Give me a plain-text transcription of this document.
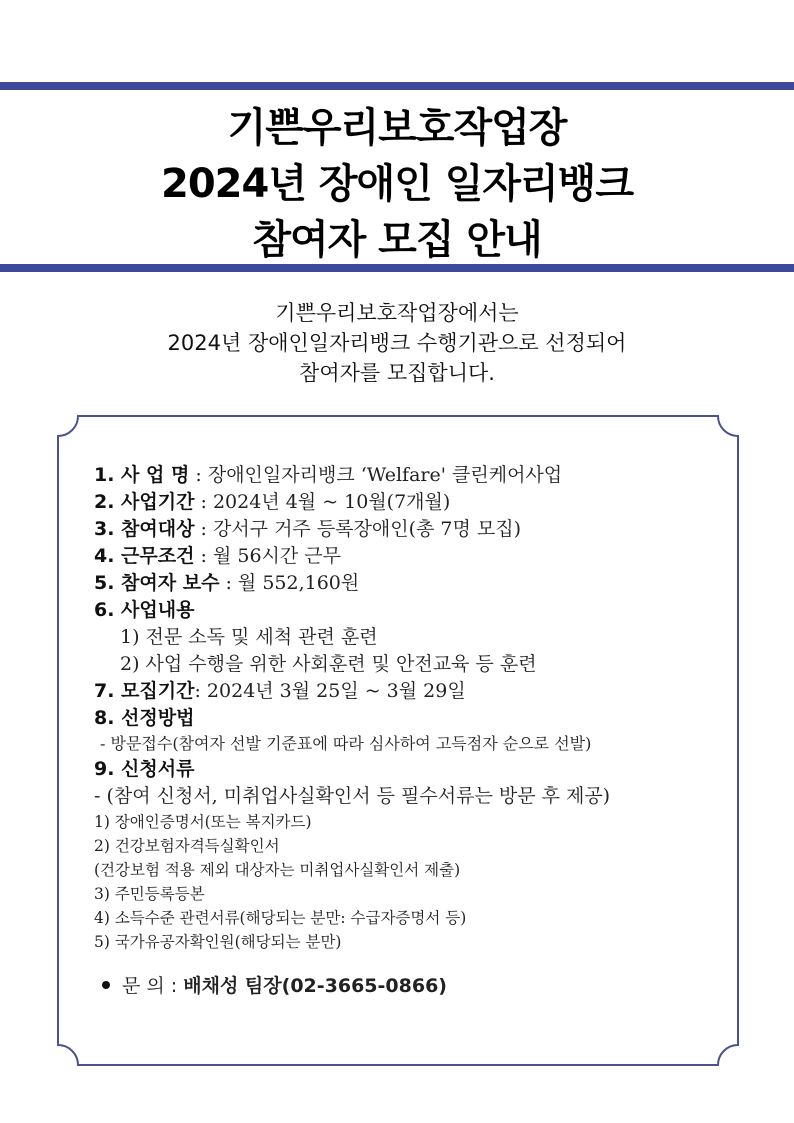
기쁜우리보호작업장
2024년 장애인 일자리뱅크
참여자 모집 안내
기쁜우리보호작업장에서는
2024년 장애인일자리뱅크 수행기관으로 선정되어
참여자를 모집합니다.
1. 사 업 명 : 장애인일자리뱅크 ‘Welfare' 클린케어사업
2. 사업기간 : 2024년 4월 ~ 10월(7개월)
3. 참여대상 : 강서구 거주 등록장애인(총 7명 모집)
4. 근무조건 : 월 56시간 근무
5. 참여자 보수 : 월 552,160원
6. 사업내용
1) 전문 소독 및 세척 관련 훈련
2) 사업 수행을 위한 사회훈련 및 안전교육 등 훈련
7. 모집기간: 2024년 3월 25일 ~ 3월 29일
8. 선정방법
- 방문접수(참여자 선발 기준표에 따라 심사하여 고득점자 순으로 선발)
9. 신청서류
- (참여 신청서, 미취업사실확인서 등 필수서류는 방문 후 제공)
1) 장애인증명서(또는 복지카드)
2) 건강보험자격득실확인서
(건강보험 적용 제외 대상자는 미취업사실확인서 제출)
3) 주민등록등본
4) 소득수준 관련서류(해당되는 분만: 수급자증명서 등)
5) 국가유공자확인원(해당되는 분만)
문 의 : 배채성 팀장(02-3665-0866)
